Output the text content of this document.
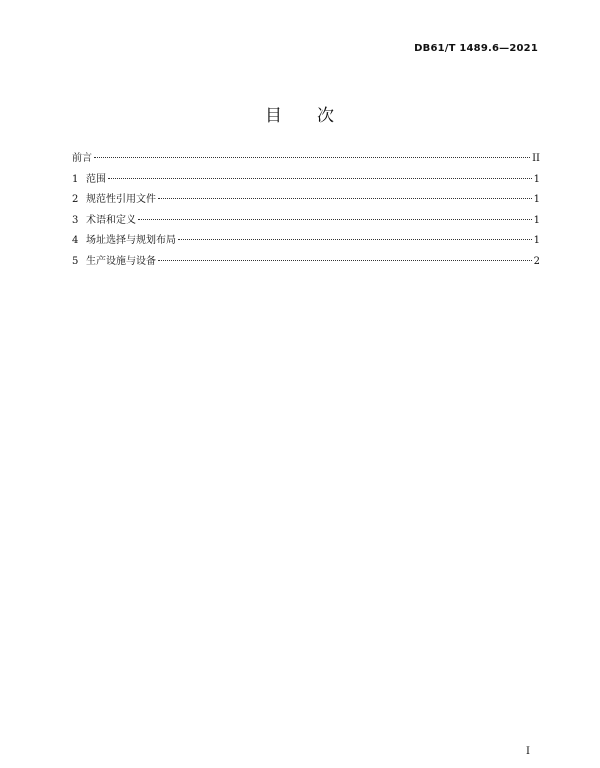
DB61/T 1489.6—2021
目 次
前言	II
1 范围	1
2 规范性引用文件	1
3 术语和定义	1
4 场址选择与规划布局	1
5 生产设施与设备	2
I
